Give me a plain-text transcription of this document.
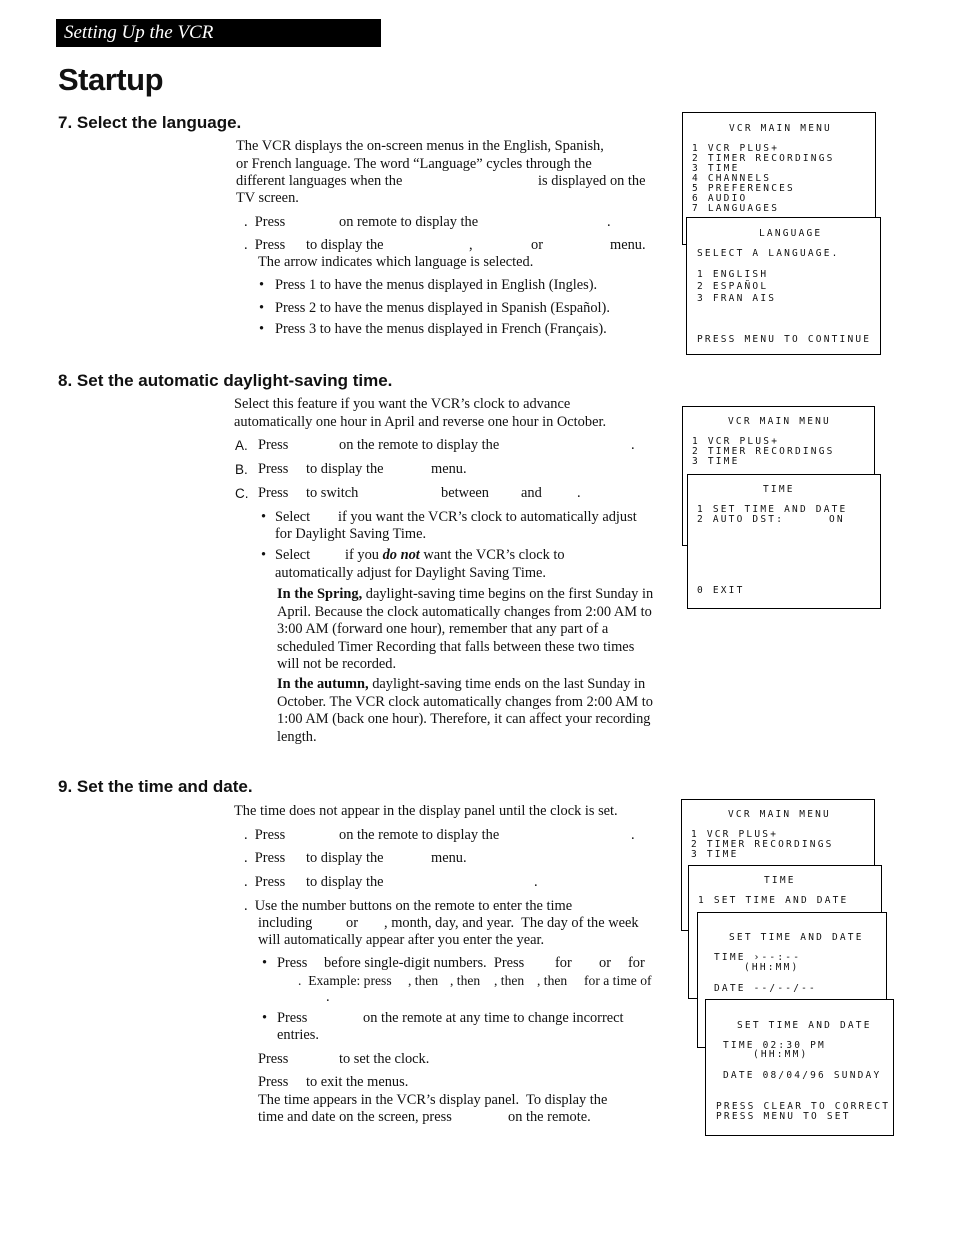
Setting Up the VCR
Startup
7. Select the language.

The VCR displays the on-screen menus in the English, Spanish, or French language. The word “Language” cycles through the different languages when the	is displayed on the

TV screen.

.  Press	on remote to display the	.

.  Press to display the	,	or	menu.

The arrow indicates which language is selected.

• Press 1 to have the menus displayed in English (Ingles).

• Press 2 to have the menus displayed in Spanish (Español).

• Press 3 to have the menus displayed in French (Français).

VCR MAIN MENU
1 VCR PLUS+
2 TIMER RECORDINGS
3 TIME
4 CHANNELS
5 PREFERENCES
6 AUDIO
7 LANGUAGES
LANGUAGE
SELECT A LANGUAGE.
1 ENGLISH
2 ESPAÑOL
3 FRAN AIS
PRESS MENU TO CONTINUE
8. Set the automatic daylight-saving time.

Select this feature if you want the VCR’s clock to advance automatically one hour in April and reverse one hour in October.

A. Press	on the remote to display the	.

B. Press to display the	menu.

C. Press to switch	between and .

• Select if you want the VCR’s clock to automatically adjust

for Daylight Saving Time.

• Select if you do not want the VCR’s clock to

automatically adjust for Daylight Saving Time.

In the Spring, daylight-saving time begins on the first Sunday in April. Because the clock automatically changes from 2:00 AM to 3:00 AM (forward one hour), remember that any part of a scheduled Timer Recording that falls between these two times will not be recorded.

In the autumn, daylight-saving time ends on the last Sunday in October. The VCR clock automatically changes from 2:00 AM to 1:00 AM (back one hour). Therefore, it can affect your recording length.

VCR MAIN MENU
1 VCR PLUS+
2 TIMER RECORDINGS
3 TIME
TIME
1 SET TIME AND DATE
2 AUTO DST:	ON
0 EXIT
9. Set the time and date.

The time does not appear in the display panel until the clock is set.

.  Press	on the remote to display the	.

.  Press to display the	menu.

.  Press to display the	.

.  Use the number buttons on the remote to enter the time

including or , month, day, and year.  The day of the week

will automatically appear after you enter the year.

• Press before single-digit numbers.  Press for or for

.  Example: press , then , then , then , then for a time of

.

• Press	on the remote at any time to change incorrect

entries.

Press	to set the clock.

Press to exit the menus.

The time appears in the VCR’s display panel.  To display the

time and date on the screen, press	on the remote.

VCR MAIN MENU
1 VCR PLUS+
2 TIMER RECORDINGS
3 TIME
TIME
1 SET TIME AND DATE
SET TIME AND DATE
TIME ›--:--
(HH:MM)
DATE --/--/--
SET TIME AND DATE
TIME 02:30 PM
(HH:MM)
DATE 08/04/96 SUNDAY
PRESS CLEAR TO CORRECT
PRESS MENU TO SET
